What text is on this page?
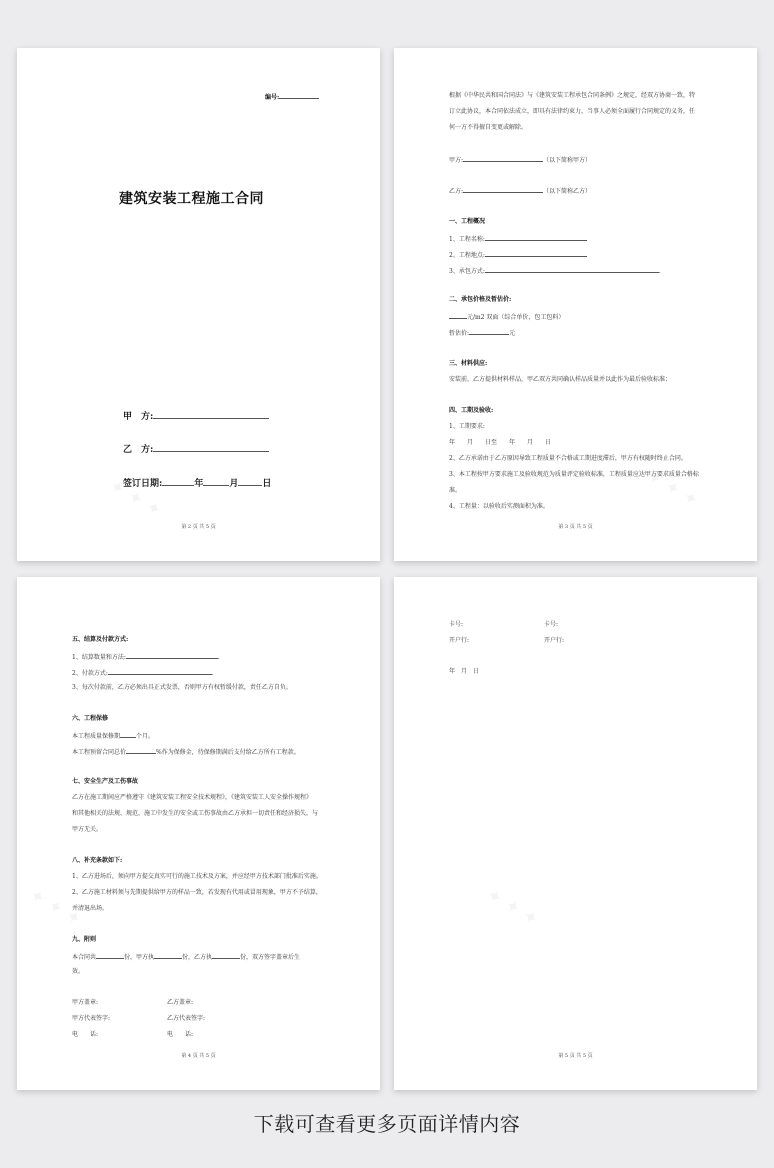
编号:
建筑安装工程施工合同
甲　方:
乙　方:
签订日期:	年	月	日
第 2 页 共 5 页
根据《中华民共和国合同法》与《建筑安装工程承包合同条例》之规定，经双方协商一致，特
订立此协议，本合同依法成立，即具有法律约束力，当事人必须全面履行合同规定的义务，任
何一方不得擅自变更或解除。
甲方:	（以下简称甲方）
乙方:	（以下简称乙方）
一、工程概况
1、工程名称:
2、工程地点:
3、承包方式:	.
二、承包价格及暂估价:
元/m2 双面（综合单价，包工包料）
暂估价:	元
三、材料供应:
安装前，乙方提供材料样品，甲乙双方共同确认样品质量并以此作为最后验收标准；
四、工期及验收:
1、工期要求:
年　　月　　日至　　年　　月　　日
2、乙方承诺由于乙方原因导致工程质量不合格或工期进度滞后，甲方有权随时终止合同。
3、本工程按甲方要求施工及验收规范为质量评定验收标准，工程质量应达甲方要求质量合格标
准。
4、工程量：以验收后实测面积为准。
第 3 页 共 5 页
五、结算及付款方式:
1、结算数量和方法:	.
2、付款方式:	.
3、每次付款前，乙方必须出具正式发票，否则甲方有权暂缓付款，责任乙方自负。
六、工程保修
本工程质量保修期	个月。
本工程预留合同总价	%作为保修金，待保修期满后支付给乙方所有工程款。
七、安全生产及工伤事故
乙方在施工期间应严格遵守《建筑安装工程安全技术规程》，《建筑安装工人安全操作规程》
和其他相关的法规、规范，施工中发生的安全或工伤事故由乙方承担一切责任和经济损失，与
甲方无关。
八、补充条款如下:
1、乙方进场后，须向甲方提交真实可行的施工技术及方案，并应经甲方技术部门批准后实施。
2、乙方施工材料须与先期提供给甲方的样品一致，若发现有代用或冒用现象，甲方不予结算，
并清退出场。
九、附则
本合同共	份，甲方执	份，乙方执	份，双方签字盖章后生
效。
甲方盖章:	乙方盖章:
甲方代表签字:	乙方代表签字:
电　　话:	电　　话:
第 4 页 共 5 页
卡号:	卡号:
开户行:	开户行:
年　月　日
第 5 页 共 5 页
下载可查看更多页面详情内容
